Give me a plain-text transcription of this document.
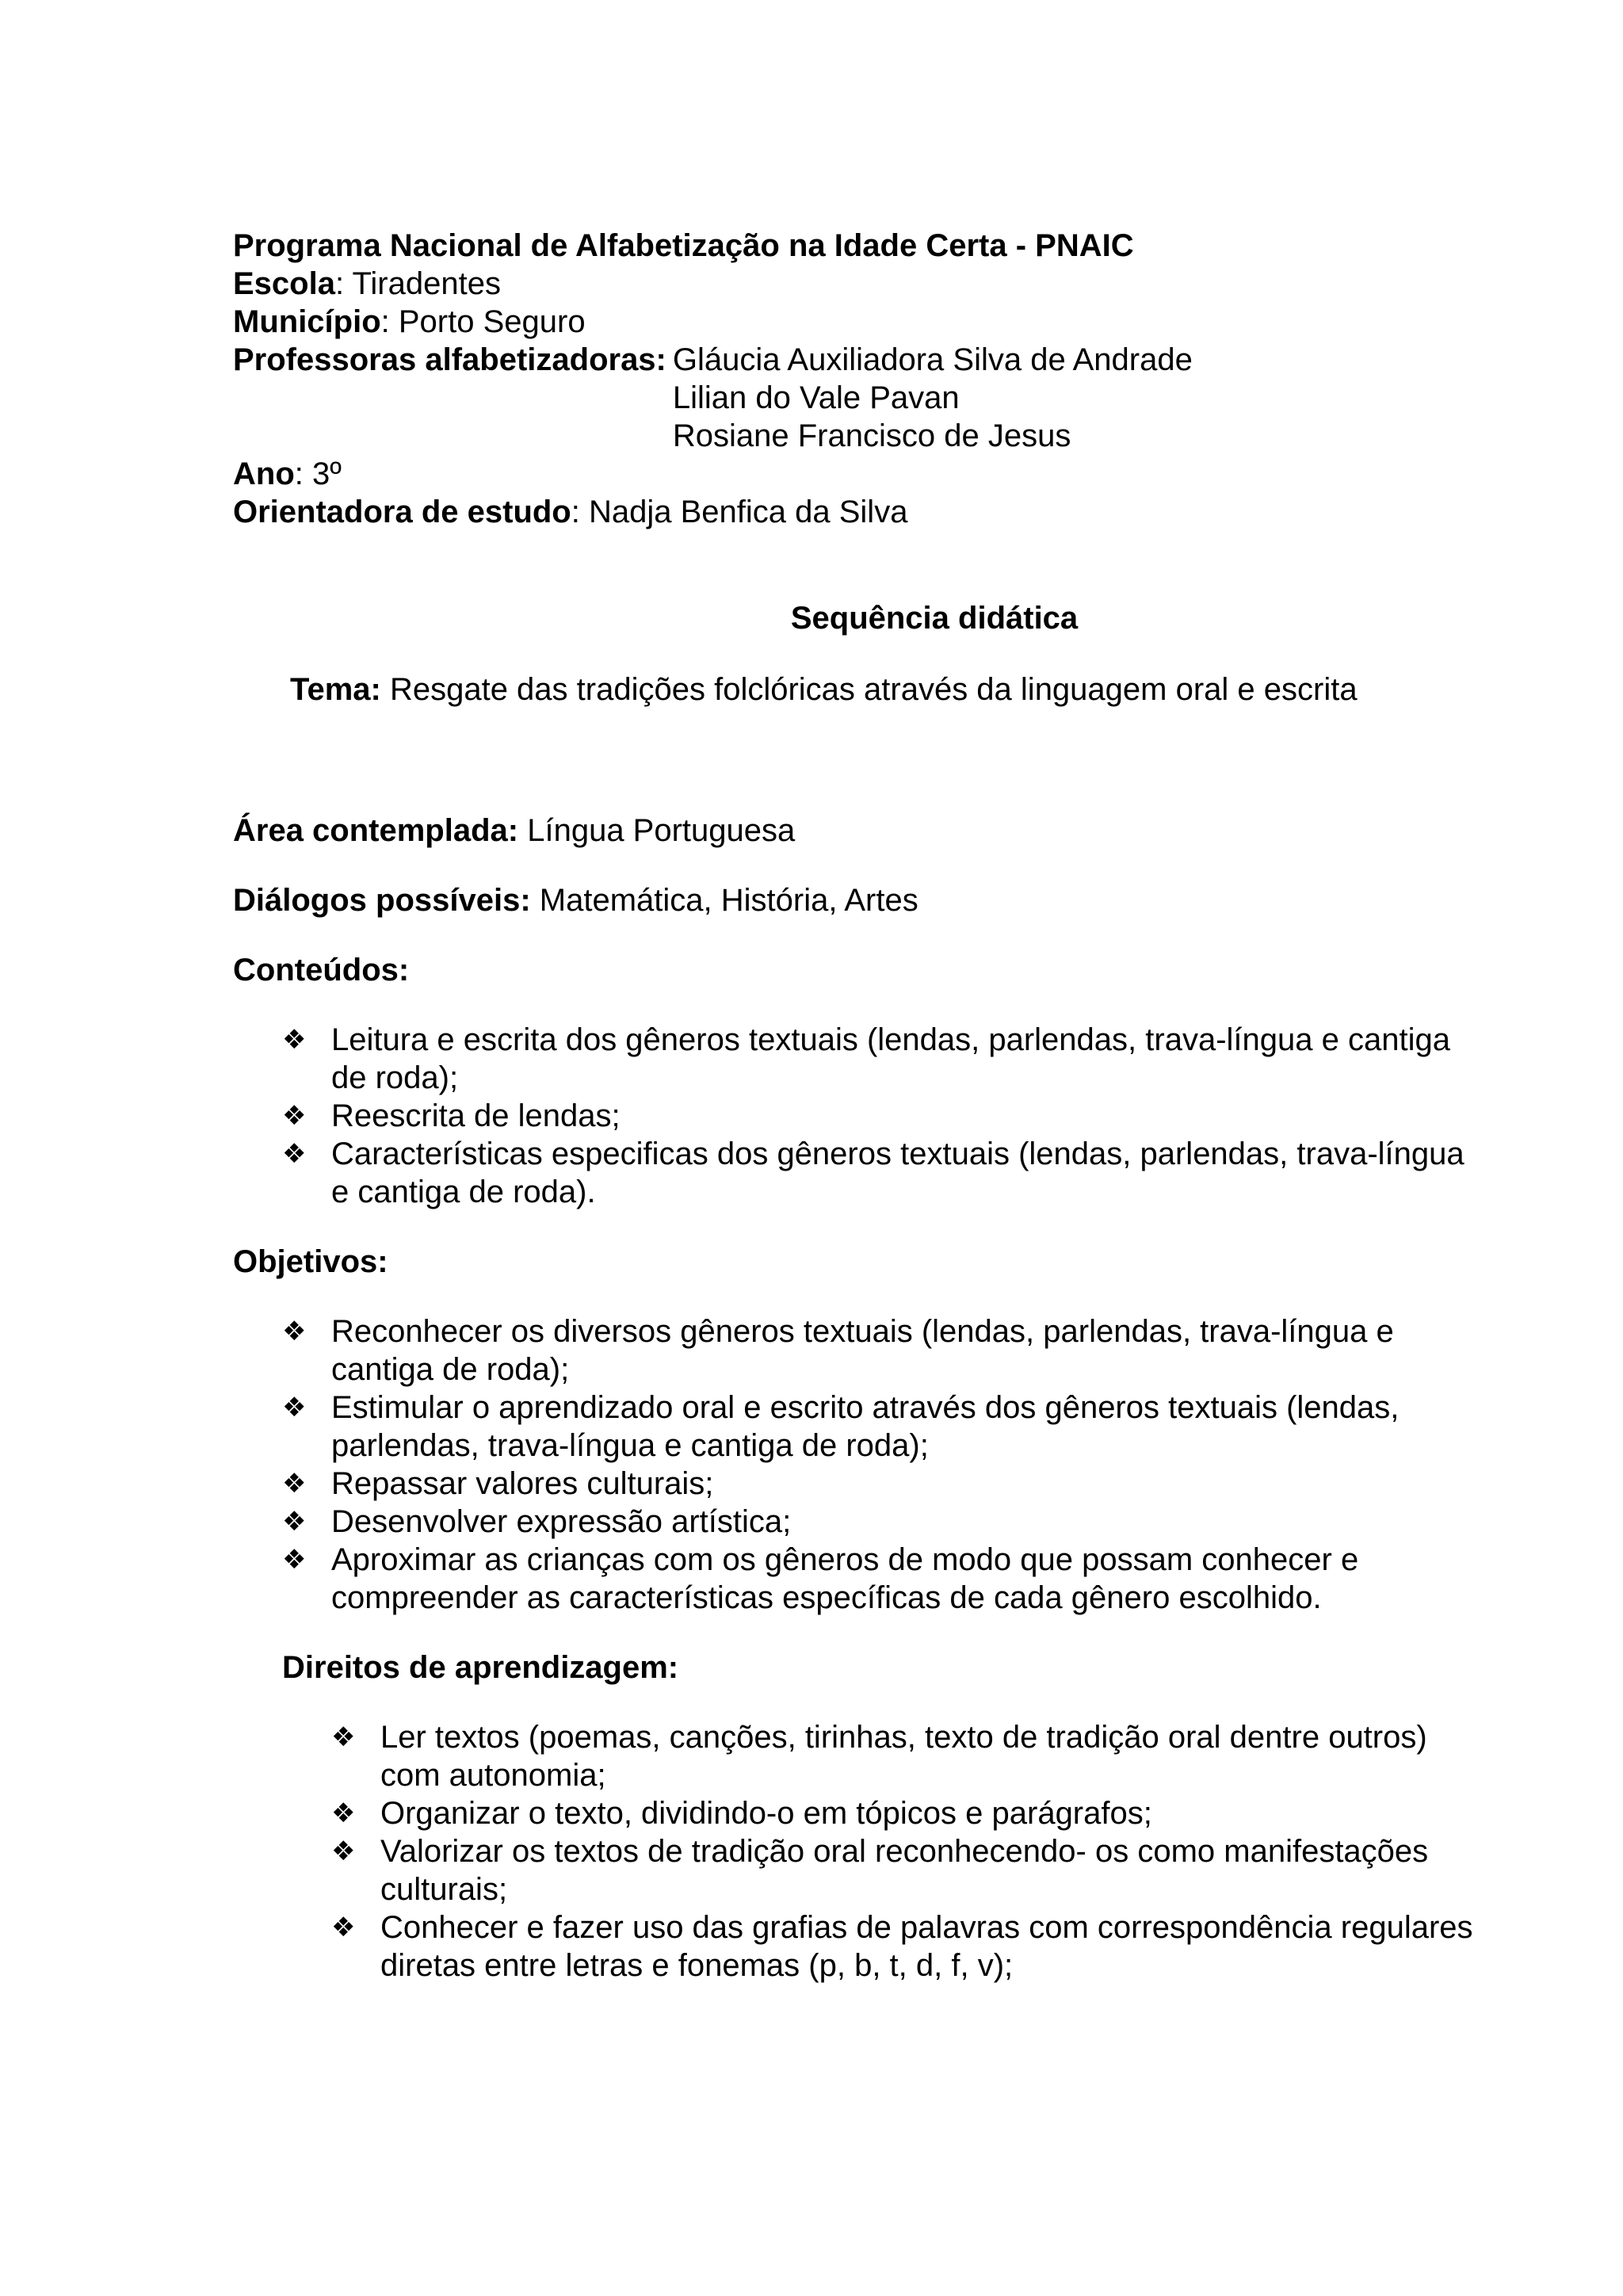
Programa Nacional de Alfabetização na Idade Certa - PNAIC
Escola: Tiradentes
Município: Porto Seguro
Professoras alfabetizadoras: Gláucia Auxiliadora Silva de Andrade
Lilian do Vale Pavan
Rosiane Francisco de Jesus
Ano: 3º
Orientadora de estudo: Nadja Benfica da Silva
Sequência didática
Tema: Resgate das tradições folclóricas através da linguagem oral e escrita
Área contemplada: Língua Portuguesa
Diálogos possíveis: Matemática, História, Artes
Conteúdos:
❖ Leitura e escrita dos gêneros textuais (lendas, parlendas, trava-língua e cantiga de roda);
❖ Reescrita de lendas;
❖ Características especificas dos gêneros textuais (lendas, parlendas, trava-língua e cantiga de roda).
Objetivos:
❖ Reconhecer os diversos gêneros textuais (lendas, parlendas, trava-língua e cantiga de roda);
❖ Estimular o aprendizado oral e escrito através dos gêneros textuais (lendas, parlendas, trava-língua e cantiga de roda);
❖ Repassar valores culturais;
❖ Desenvolver expressão artística;
❖ Aproximar as crianças com os gêneros de modo que possam conhecer e compreender as características específicas de cada gênero escolhido.
Direitos de aprendizagem:
❖ Ler textos (poemas, canções, tirinhas, texto de tradição oral dentre outros) com autonomia;
❖ Organizar o texto, dividindo-o em tópicos e parágrafos;
❖ Valorizar os textos de tradição oral reconhecendo- os como manifestações culturais;
❖ Conhecer e fazer uso das grafias de palavras com correspondência regulares diretas entre letras e fonemas (p, b, t, d, f, v);
